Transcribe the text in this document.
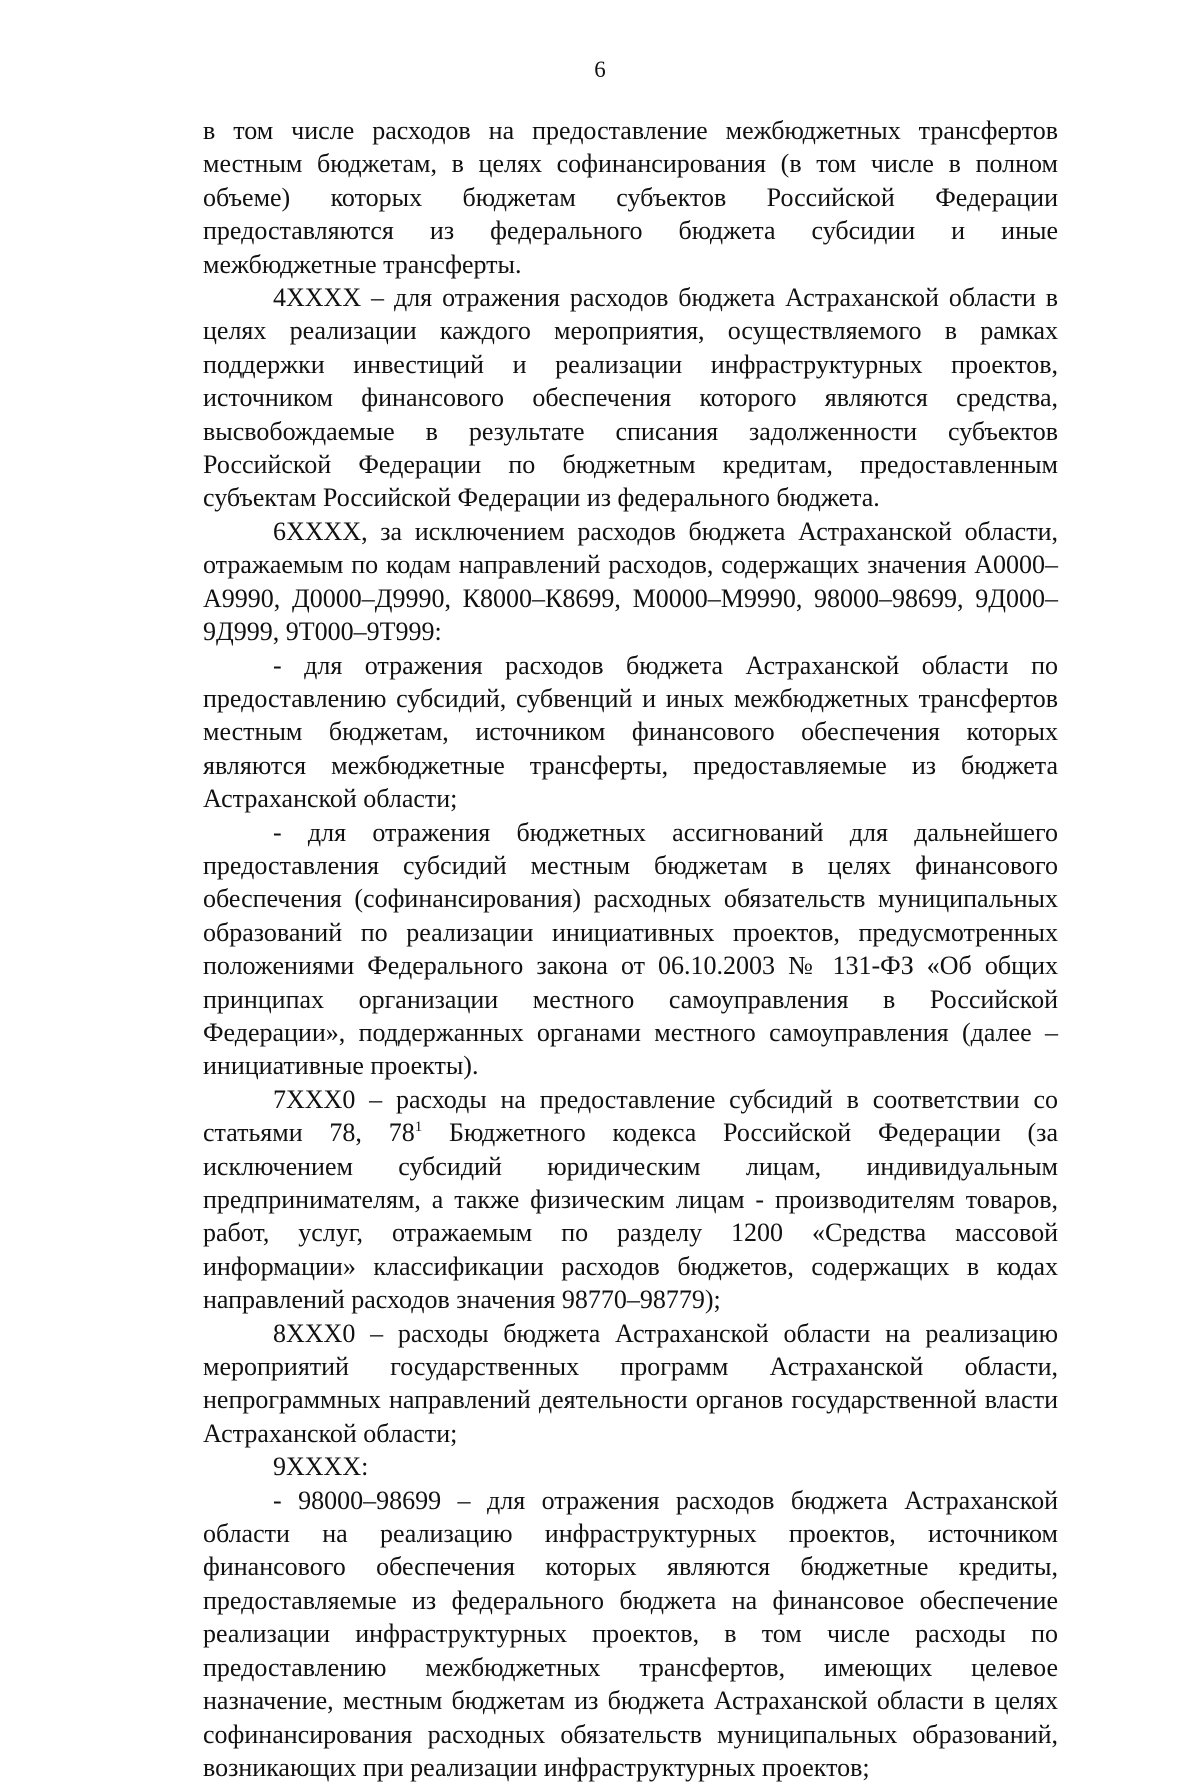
6

в том числе расходов на предоставление межбюджетных трансфертов местным бюджетам, в целях софинансирования (в том числе в полном объеме) которых бюджетам субъектов Российской Федерации предоставляются из федерального бюджета субсидии и иные межбюджетные трансферты.

4ХХХХ – для отражения расходов бюджета Астраханской области в целях реализации каждого мероприятия, осуществляемого в рамках поддержки инвестиций и реализации инфраструктурных проектов, источником финансового обеспечения которого являются средства, высвобождаемые в результате списания задолженности субъектов Российской Федерации по бюджетным кредитам, предоставленным субъектам Российской Федерации из федерального бюджета.

6ХХХХ, за исключением расходов бюджета Астраханской области, отражаемым по кодам направлений расходов, содержащих значения А0000–А9990, Д0000–Д9990, К8000–К8699, М0000–М9990, 98000–98699, 9Д000–9Д999, 9Т000–9Т999:

- для отражения расходов бюджета Астраханской области по предоставлению субсидий, субвенций и иных межбюджетных трансфертов местным бюджетам, источником финансового обеспечения которых являются межбюджетные трансферты, предоставляемые из бюджета Астраханской области;

- для отражения бюджетных ассигнований для дальнейшего предоставления субсидий местным бюджетам в целях финансового обеспечения (софинансирования) расходных обязательств муниципальных образований по реализации инициативных проектов, предусмотренных положениями Федерального закона от 06.10.2003 № 131-ФЗ «Об общих принципах организации местного самоуправления в Российской Федерации», поддержанных органами местного самоуправления (далее – инициативные проекты).

7ХХХ0 – расходы на предоставление субсидий в соответствии со статьями 78, $78^1$ Бюджетного кодекса Российской Федерации (за исключением субсидий юридическим лицам, индивидуальным предпринимателям, а также физическим лицам - производителям товаров, работ, услуг, отражаемым по разделу 1200 «Средства массовой информации» классификации расходов бюджетов, содержащих в кодах направлений расходов значения 98770–98779);

8ХХХ0 – расходы бюджета Астраханской области на реализацию мероприятий государственных программ Астраханской области, непрограммных направлений деятельности органов государственной власти Астраханской области;

9ХХХХ:

- 98000–98699 – для отражения расходов бюджета Астраханской области на реализацию инфраструктурных проектов, источником финансового обеспечения которых являются бюджетные кредиты, предоставляемые из федерального бюджета на финансовое обеспечение реализации инфраструктурных проектов, в том числе расходы по предоставлению межбюджетных трансфертов, имеющих целевое назначение, местным бюджетам из бюджета Астраханской области в целях софинансирования расходных обязательств муниципальных образований, возникающих при реализации инфраструктурных проектов;
